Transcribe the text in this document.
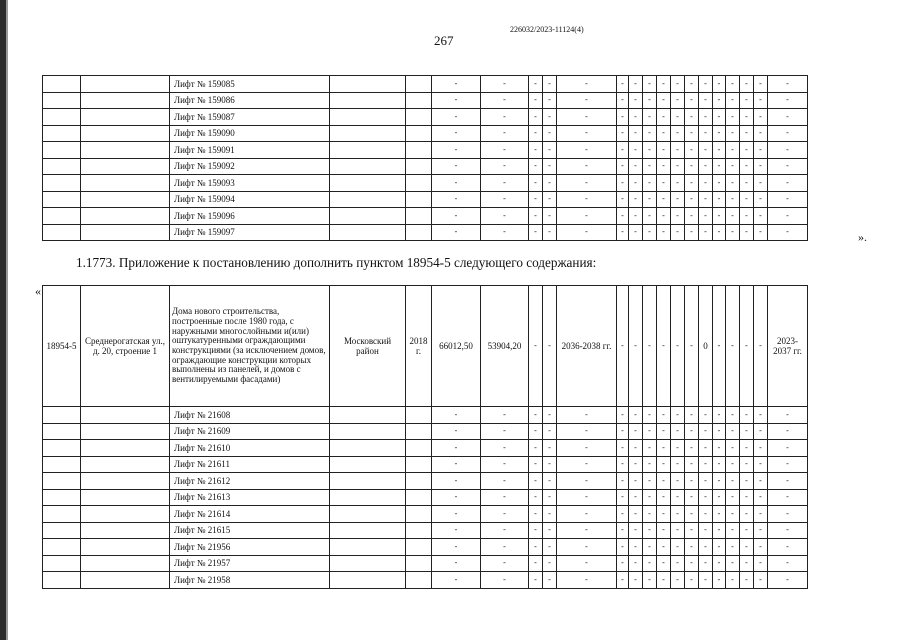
226032/2023-11124(4)
267
		Лифт № 159085			-	-	-	-	-	-	-	-	-	-	-	-	-	-	-	-	-
		Лифт № 159086			-	-	-	-	-	-	-	-	-	-	-	-	-	-	-	-	-
		Лифт № 159087			-	-	-	-	-	-	-	-	-	-	-	-	-	-	-	-	-
		Лифт № 159090			-	-	-	-	-	-	-	-	-	-	-	-	-	-	-	-	-
		Лифт № 159091			-	-	-	-	-	-	-	-	-	-	-	-	-	-	-	-	-
		Лифт № 159092			-	-	-	-	-	-	-	-	-	-	-	-	-	-	-	-	-
		Лифт № 159093			-	-	-	-	-	-	-	-	-	-	-	-	-	-	-	-	-
		Лифт № 159094			-	-	-	-	-	-	-	-	-	-	-	-	-	-	-	-	-
		Лифт № 159096			-	-	-	-	-	-	-	-	-	-	-	-	-	-	-	-	-
		Лифт № 159097			-	-	-	-	-	-	-	-	-	-	-	-	-	-	-	-	-	».
1.1773. Приложение к постановлению дополнить пунктом 18954-5 следующего содержания:
«
18954-5	Среднерогатская ул., д. 20, строение 1	Дома нового строительства, построенные после 1980 года, с наружными многослойными и(или) оштукатуренными ограждающими конструкциями (за исключением домов, ограждающие конструкции которых выполнены из панелей, и домов с вентилируемыми фасадами)	Московский район	2018 г.	66012,50	53904,20	-	-	2036-2038 гг.	-	-	-	-	-	-	0	-	-	-	-	2023-2037 гг.
		Лифт № 21608			-	-	-	-	-	-	-	-	-	-	-	-	-	-	-	-	-
		Лифт № 21609			-	-	-	-	-	-	-	-	-	-	-	-	-	-	-	-	-
		Лифт № 21610			-	-	-	-	-	-	-	-	-	-	-	-	-	-	-	-	-
		Лифт № 21611			-	-	-	-	-	-	-	-	-	-	-	-	-	-	-	-	-
		Лифт № 21612			-	-	-	-	-	-	-	-	-	-	-	-	-	-	-	-	-
		Лифт № 21613			-	-	-	-	-	-	-	-	-	-	-	-	-	-	-	-	-
		Лифт № 21614			-	-	-	-	-	-	-	-	-	-	-	-	-	-	-	-	-
		Лифт № 21615			-	-	-	-	-	-	-	-	-	-	-	-	-	-	-	-	-
		Лифт № 21956			-	-	-	-	-	-	-	-	-	-	-	-	-	-	-	-	-
		Лифт № 21957			-	-	-	-	-	-	-	-	-	-	-	-	-	-	-	-	-
		Лифт № 21958			-	-	-	-	-	-	-	-	-	-	-	-	-	-	-	-	-
